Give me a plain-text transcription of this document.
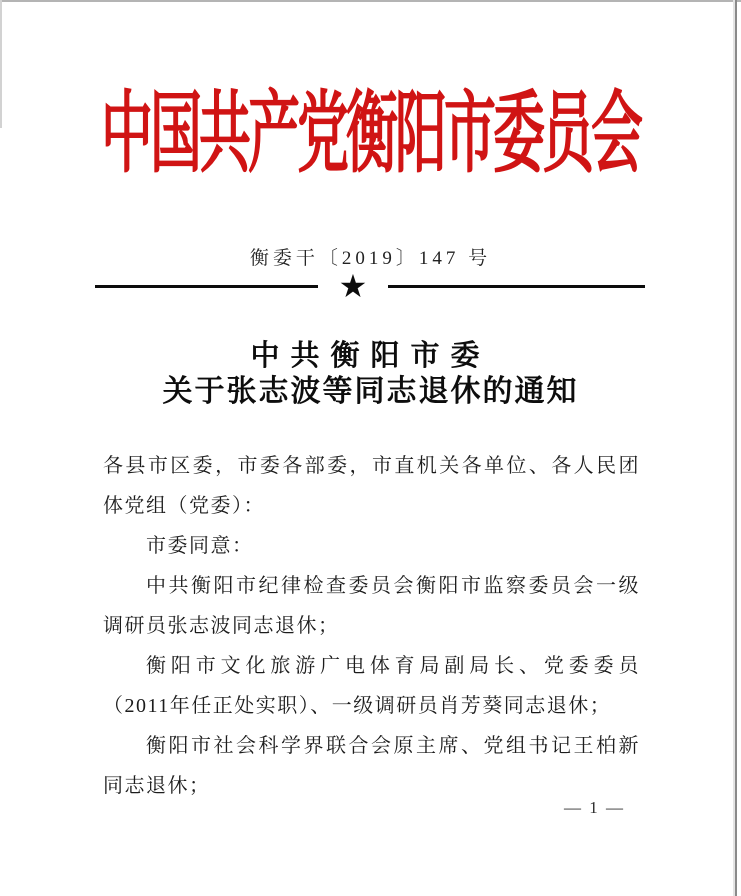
中国共产党衡阳市委员会
衡委干〔2019〕147 号
★
中共衡阳市委
关于张志波等同志退休的通知

各县市区委，市委各部委，市直机关各单位、各人民团体党组（党委）：

市委同意：

中共衡阳市纪律检查委员会衡阳市监察委员会一级调研员张志波同志退休；

衡阳市文化旅游广电体育局副局长、党委委员（2011年任正处实职）、一级调研员肖芳葵同志退休；

衡阳市社会科学界联合会原主席、党组书记王柏新同志退休；

— 1 —
